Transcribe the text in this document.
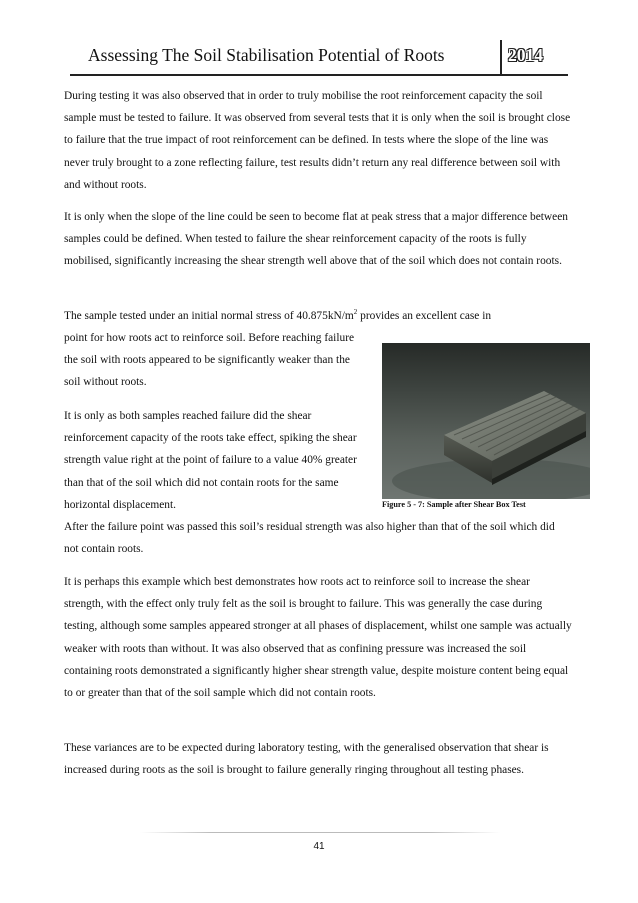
Assessing The Soil Stabilisation Potential of Roots	2014

During testing it was also observed that in order to truly mobilise the root reinforcement capacity the soil sample must be tested to failure. It was observed from several tests that it is only when the soil is brought close to failure that the true impact of root reinforcement can be defined. In tests where the slope of the line was never truly brought to a zone reflecting failure, test results didn’t return any real difference between soil with and without roots.

It is only when the slope of the line could be seen to become flat at peak stress that a major difference between samples could be defined. When tested to failure the shear reinforcement capacity of the roots is fully mobilised, significantly increasing the shear strength well above that of the soil which does not contain roots.

The sample tested under an initial normal stress of $40.875kN/m^2$ provides an excellent case in

point for how roots act to reinforce soil. Before reaching failure the soil with roots appeared to be significantly weaker than the soil without roots.

It is only as both samples reached failure did the shear reinforcement capacity of the roots take effect, spiking the shear strength value right at the point of failure to a value 40% greater than that of the soil which did not contain roots for the same horizontal displacement.	Figure 5 - 7: Sample after Shear Box Test

After the failure point was passed this soil’s residual strength was also higher than that of the soil which did not contain roots.

It is perhaps this example which best demonstrates how roots act to reinforce soil to increase the shear strength, with the effect only truly felt as the soil is brought to failure. This was generally the case during testing, although some samples appeared stronger at all phases of displacement, whilst one sample was actually weaker with roots than without. It was also observed that as confining pressure was increased the soil containing roots demonstrated a significantly higher shear strength value, despite moisture content being equal to or greater than that of the soil sample which did not contain roots.

These variances are to be expected during laboratory testing, with the generalised observation that shear is increased during roots as the soil is brought to failure generally ringing throughout all testing phases.

41
